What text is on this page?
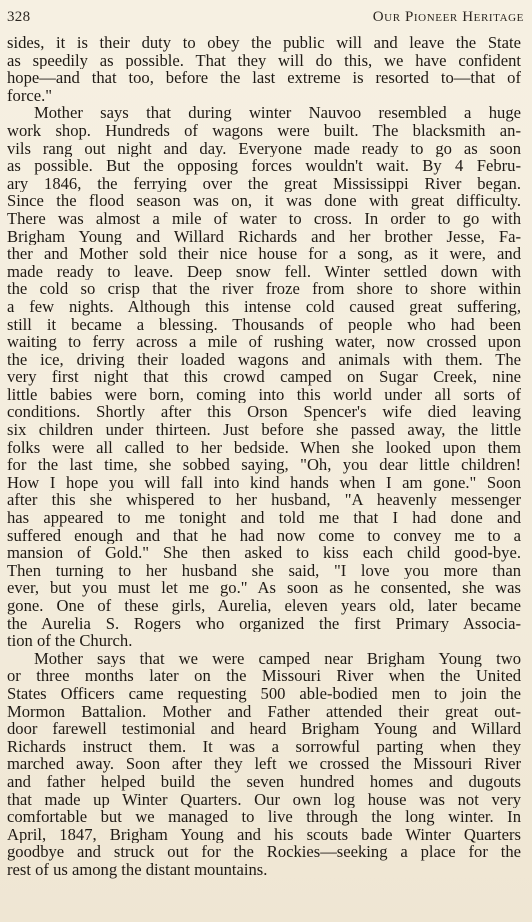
328	Our Pioneer Heritage
sides, it is their duty to obey the public will and leave the State
as speedily as possible. That they will do this, we have confident
hope—and that too, before the last extreme is resorted to—that of
force."
Mother says that during winter Nauvoo resembled a huge
work shop. Hundreds of wagons were built. The blacksmith an-
vils rang out night and day. Everyone made ready to go as soon
as possible. But the opposing forces wouldn't wait. By 4 Febru-
ary 1846, the ferrying over the great Mississippi River began.
Since the flood season was on, it was done with great difficulty.
There was almost a mile of water to cross. In order to go with
Brigham Young and Willard Richards and her brother Jesse, Fa-
ther and Mother sold their nice house for a song, as it were, and
made ready to leave. Deep snow fell. Winter settled down with
the cold so crisp that the river froze from shore to shore within
a few nights. Although this intense cold caused great suffering,
still it became a blessing. Thousands of people who had been
waiting to ferry across a mile of rushing water, now crossed upon
the ice, driving their loaded wagons and animals with them. The
very first night that this crowd camped on Sugar Creek, nine
little babies were born, coming into this world under all sorts of
conditions. Shortly after this Orson Spencer's wife died leaving
six children under thirteen. Just before she passed away, the little
folks were all called to her bedside. When she looked upon them
for the last time, she sobbed saying, "Oh, you dear little children!
How I hope you will fall into kind hands when I am gone." Soon
after this she whispered to her husband, "A heavenly messenger
has appeared to me tonight and told me that I had done and
suffered enough and that he had now come to convey me to a
mansion of Gold." She then asked to kiss each child good-bye.
Then turning to her husband she said, "I love you more than
ever, but you must let me go." As soon as he consented, she was
gone. One of these girls, Aurelia, eleven years old, later became
the Aurelia S. Rogers who organized the first Primary Associa-
tion of the Church.
Mother says that we were camped near Brigham Young two
or three months later on the Missouri River when the United
States Officers came requesting 500 able-bodied men to join the
Mormon Battalion. Mother and Father attended their great out-
door farewell testimonial and heard Brigham Young and Willard
Richards instruct them. It was a sorrowful parting when they
marched away. Soon after they left we crossed the Missouri River
and father helped build the seven hundred homes and dugouts
that made up Winter Quarters. Our own log house was not very
comfortable but we managed to live through the long winter. In
April, 1847, Brigham Young and his scouts bade Winter Quarters
goodbye and struck out for the Rockies—seeking a place for the
rest of us among the distant mountains.
